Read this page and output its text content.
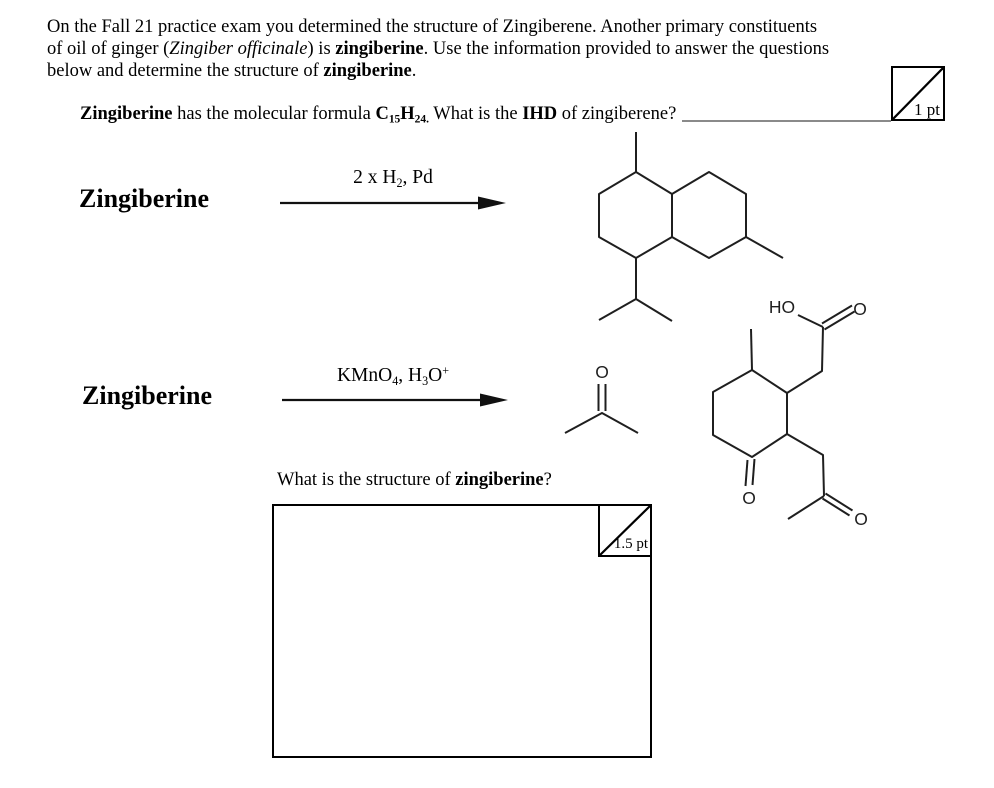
On the Fall 21 practice exam you determined the structure of Zingiberene. Another primary constituents
of oil of ginger (Zingiber officinale) is zingiberine. Use the information provided to answer the questions
below and determine the structure of zingiberine.
Zingiberine has the molecular formula $C_{15}H_{24.}$ What is the IHD of zingiberene?	1 pt
Zingiberine
2 x $H_2$, Pd
Zingiberine
KMnO$_4$, $H_3O^+$	O
O
HO	O
O
What is the structure of zingiberine?
1.5 pt
